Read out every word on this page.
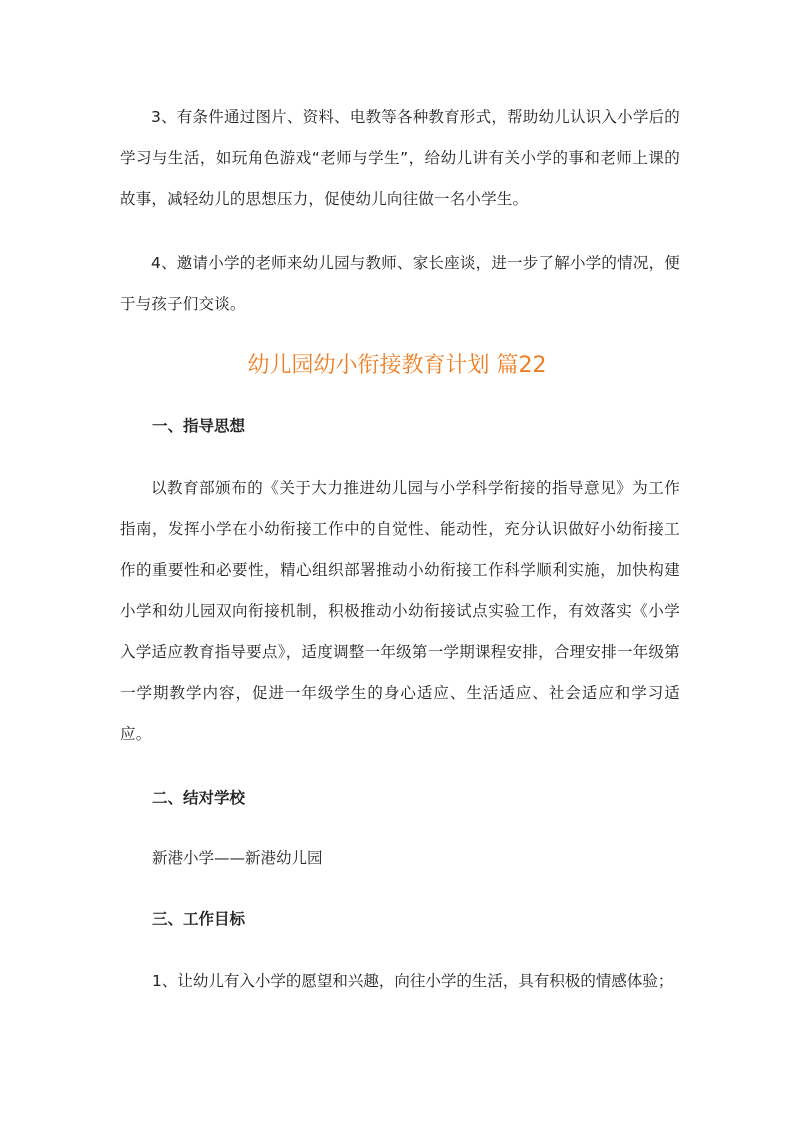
3、有条件通过图片、资料、电教等各种教育形式，帮助幼儿认识入小学后的学习与生活，如玩角色游戏“老师与学生”，给幼儿讲有关小学的事和老师上课的故事，减轻幼儿的思想压力，促使幼儿向往做一名小学生。

4、邀请小学的老师来幼儿园与教师、家长座谈，进一步了解小学的情况，便于与孩子们交谈。

幼儿园幼小衔接教育计划 篇22
一、指导思想

以教育部颁布的《关于大力推进幼儿园与小学科学衔接的指导意见》为工作指南，发挥小学在小幼衔接工作中的自觉性、能动性，充分认识做好小幼衔接工作的重要性和必要性，精心组织部署推动小幼衔接工作科学顺利实施，加快构建小学和幼儿园双向衔接机制，积极推动小幼衔接试点实验工作，有效落实《小学入学适应教育指导要点》，适度调整一年级第一学期课程安排，合理安排一年级第一学期教学内容，促进一年级学生的身心适应、生活适应、社会适应和学习适应。

二、结对学校

新港小学——新港幼儿园

三、工作目标

1、让幼儿有入小学的愿望和兴趣，向往小学的生活，具有积极的情感体验；
